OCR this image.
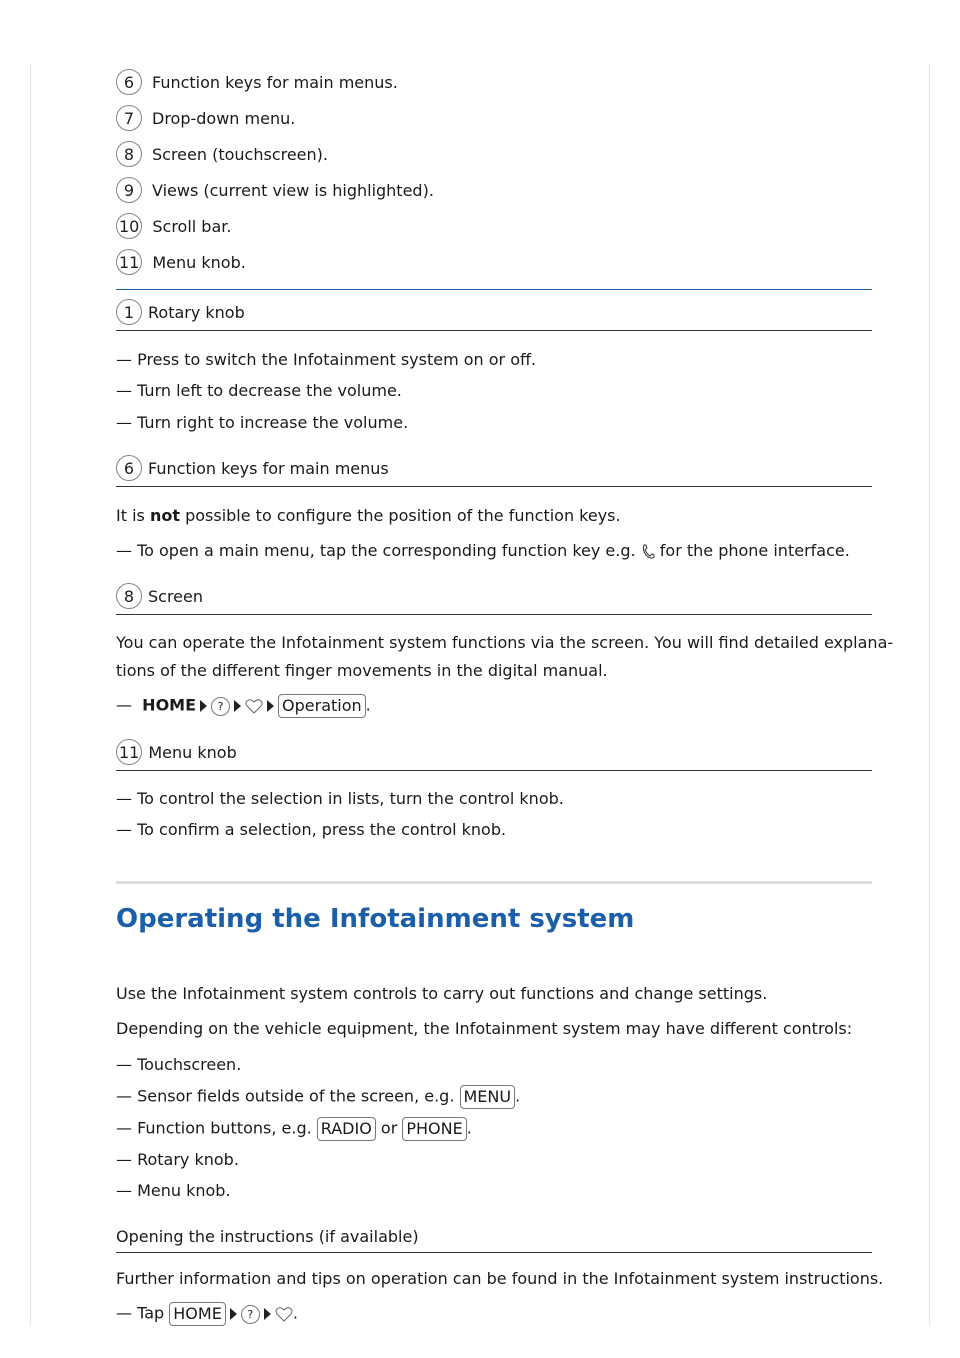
6	Function keys for main menus.
7	Drop-down menu.
8	Screen (touchscreen).
9	Views (current view is highlighted).
10 Scroll bar.
11 Menu knob.
1 Rotary knob
— Press to switch the Infotainment system on or off.
— Turn left to decrease the volume.
— Turn right to increase the volume.
6 Function keys for main menus
It is not possible to configure the position of the function keys.
— To open a main menu, tap the corresponding function key e.g.  for the phone interface.
8 Screen
You can operate the Infotainment system functions via the screen. You will find detailed explana-
tions of the different finger movements in the digital manual.
— HOME ?	Operation .
11 Menu knob
— To control the selection in lists, turn the control knob.
— To confirm a selection, press the control knob.
Operating the Infotainment system
Use the Infotainment system controls to carry out functions and change settings.
Depending on the vehicle equipment, the Infotainment system may have different controls:
— Touchscreen.
— Sensor fields outside of the screen, e.g. MENU .
— Function buttons, e.g. RADIO or PHONE .
— Rotary knob.
— Menu knob.
Opening the instructions (if available)
Further information and tips on operation can be found in the Infotainment system instructions.
— Tap HOME ? .
